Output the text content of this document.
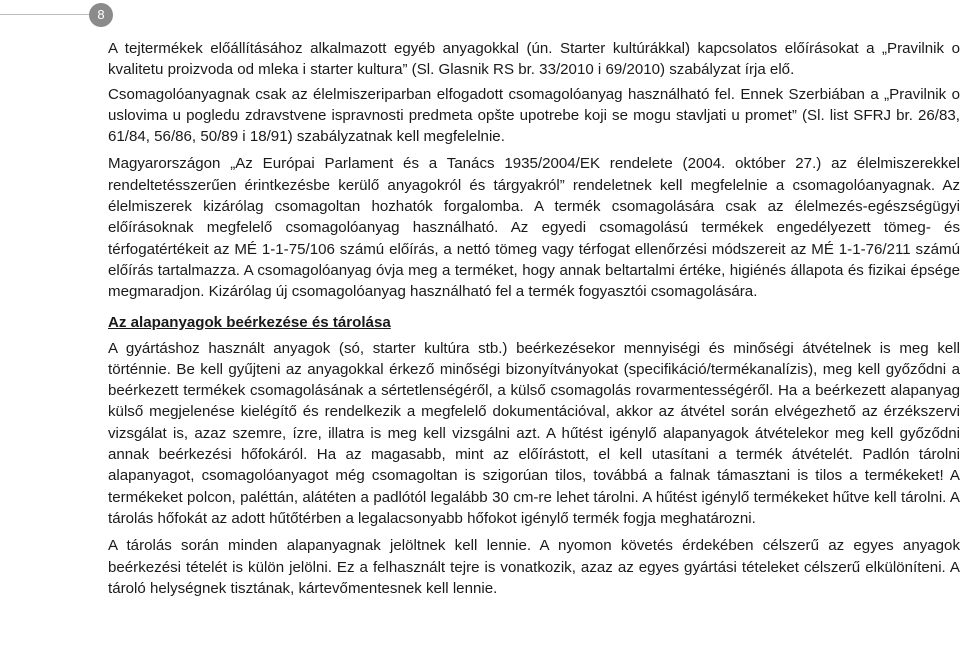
8

A tejtermékek előállításához alkalmazott egyéb anyagokkal (ún. Starter kultúrákkal) kapcsolatos előírásokat a „Pravilnik o kvalitetu proizvoda od mleka i starter kultura” (Sl. Glasnik RS br. 33/2010 i 69/2010) szabályzat írja elő.

Csomagolóanyagnak csak az élelmiszeriparban elfogadott csomagolóanyag használható fel. Ennek Szerbiában a „Pravilnik o uslovima u pogledu zdravstvene ispravnosti predmeta opšte upotrebe koji se mogu stavljati u promet” (Sl. list SFRJ br. 26/83, 61/84, 56/86, 50/89 i 18/91) szabályzatnak kell megfelelnie.

Magyarországon „Az Európai Parlament és a Tanács 1935/2004/EK rendelete (2004. október 27.) az élelmiszerekkel rendeltetésszerűen érintkezésbe kerülő anyagokról és tárgyakról” rendeletnek kell megfelelnie a csomagolóanyagnak. Az élelmiszerek kizárólag csomagoltan hozhatók forgalomba. A termék csomagolására csak az élelmezés-egészségügyi előírásoknak megfelelő csomagolóanyag használható. Az egyedi csomagolású termékek engedélyezett tömeg- és térfogatértékeit az MÉ 1-1-75/106 számú előírás, a nettó tömeg vagy térfogat ellenőrzési módszereit az MÉ 1-1-76/211 számú előírás tartalmazza. A csomagolóanyag óvja meg a terméket, hogy annak beltartalmi értéke, higiénés állapota és fizikai épsége megmaradjon. Kizárólag új csomagolóanyag használható fel a termék fogyasztói csomagolására.

Az alapanyagok beérkezése és tárolása

A gyártáshoz használt anyagok (só, starter kultúra stb.) beérkezésekor mennyiségi és minőségi átvételnek is meg kell történnie. Be kell gyűjteni az anyagokkal érkező minőségi bizonyítványokat (specifikáció/termékanalízis), meg kell győződni a beérkezett termékek csomagolásának a sértetlenségéről, a külső csomagolás rovarmentességéről. Ha a beérkezett alapanyag külső megjelenése kielégítő és rendelkezik a megfelelő dokumentációval, akkor az átvétel során elvégezhető az érzékszervi vizsgálat is, azaz szemre, ízre, illatra is meg kell vizsgálni azt. A hűtést igénylő alapanyagok átvételekor meg kell győződni annak beérkezési hőfokáról. Ha az magasabb, mint az előírástott, el kell utasítani a termék átvételét. Padlón tárolni alapanyagot, csomagolóanyagot még csomagoltan is szigorúan tilos, továbbá a falnak támasztani is tilos a termékeket! A termékeket polcon, paléttán, alátéten a padlótól legalább 30 cm-re lehet tárolni. A hűtést igénylő termékeket hűtve kell tárolni. A tárolás hőfokát az adott hűtőtérben a legalacsonyabb hőfokot igénylő termék fogja meghatározni.

A tárolás során minden alapanyagnak jelöltnek kell lennie. A nyomon követés érdekében célszerű az egyes anyagok beérkezési tételét is külön jelölni. Ez a felhasznált tejre is vonatkozik, azaz az egyes gyártási tételeket célszerű elkülöníteni. A tároló helységnek tisztának, kártevőmentesnek kell lennie.
